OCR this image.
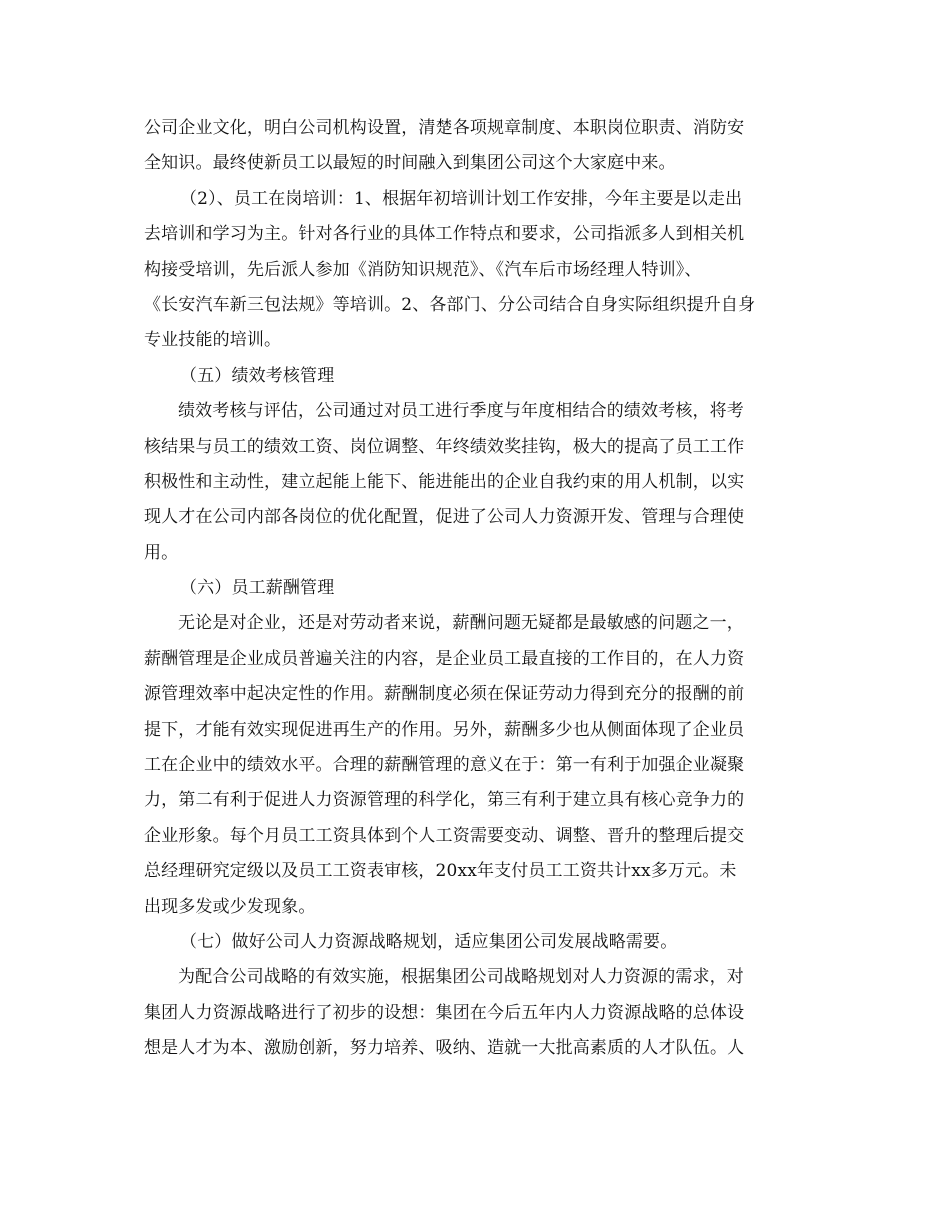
公司企业文化，明白公司机构设置，清楚各项规章制度、本职岗位职责、消防安
全知识。最终使新员工以最短的时间融入到集团公司这个大家庭中来。
（2）、员工在岗培训：1、根据年初培训计划工作安排，今年主要是以走出
去培训和学习为主。针对各行业的具体工作特点和要求，公司指派多人到相关机
构接受培训，先后派人参加《消防知识规范》、《汽车后市场经理人特训》、
《长安汽车新三包法规》等培训。2、各部门、分公司结合自身实际组织提升自身
专业技能的培训。
（五）绩效考核管理
绩效考核与评估，公司通过对员工进行季度与年度相结合的绩效考核，将考
核结果与员工的绩效工资、岗位调整、年终绩效奖挂钩，极大的提高了员工工作
积极性和主动性，建立起能上能下、能进能出的企业自我约束的用人机制，以实
现人才在公司内部各岗位的优化配置，促进了公司人力资源开发、管理与合理使
用。
（六）员工薪酬管理
无论是对企业，还是对劳动者来说，薪酬问题无疑都是最敏感的问题之一，
薪酬管理是企业成员普遍关注的内容，是企业员工最直接的工作目的，在人力资
源管理效率中起决定性的作用。薪酬制度必须在保证劳动力得到充分的报酬的前
提下，才能有效实现促进再生产的作用。另外，薪酬多少也从侧面体现了企业员
工在企业中的绩效水平。合理的薪酬管理的意义在于：第一有利于加强企业凝聚
力，第二有利于促进人力资源管理的科学化，第三有利于建立具有核心竞争力的
企业形象。每个月员工工资具体到个人工资需要变动、调整、晋升的整理后提交
总经理研究定级以及员工工资表审核，20xx年支付员工工资共计xx多万元。未
出现多发或少发现象。
（七）做好公司人力资源战略规划，适应集团公司发展战略需要。
为配合公司战略的有效实施，根据集团公司战略规划对人力资源的需求，对
集团人力资源战略进行了初步的设想：集团在今后五年内人力资源战略的总体设
想是人才为本、激励创新，努力培养、吸纳、造就一大批高素质的人才队伍。人
